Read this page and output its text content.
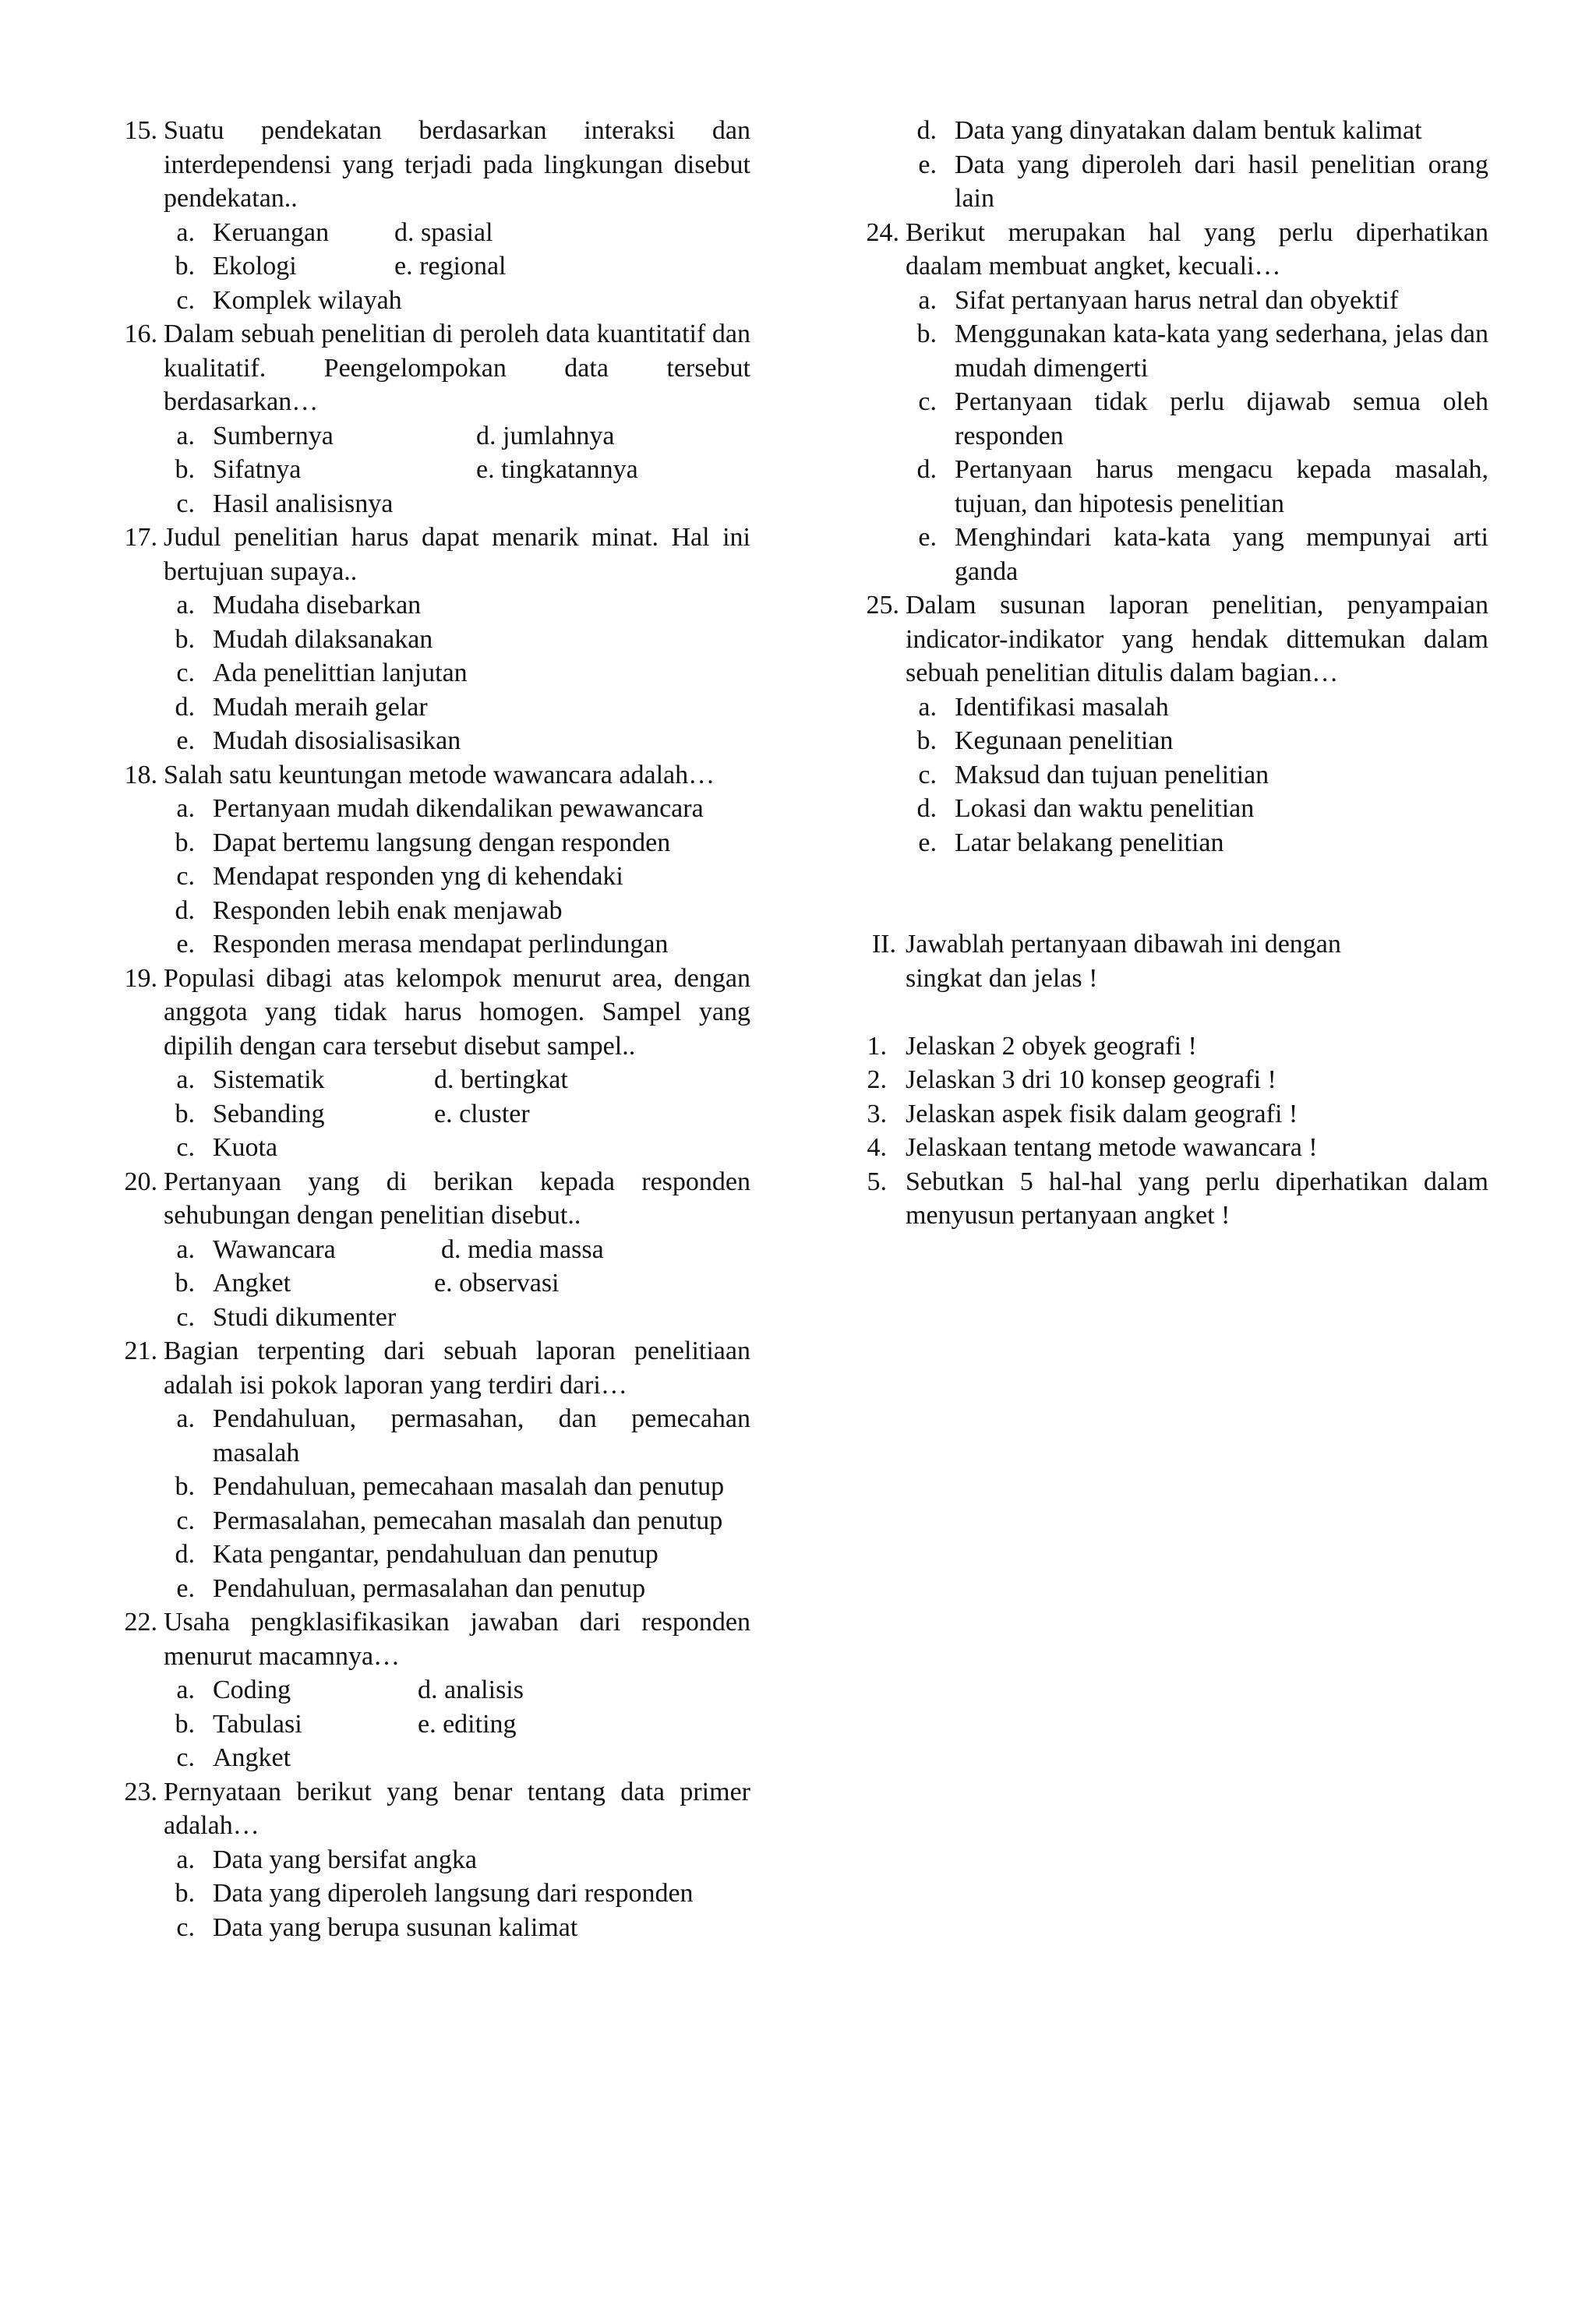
15. Suatu pendekatan berdasarkan interaksi dan interdependensi yang terjadi pada lingkungan disebut pendekatan..
a. Keruangan	d. spasial
b. Ekologi	e. regional
c. Komplek wilayah
16. Dalam sebuah penelitian di peroleh data kuantitatif dan kualitatif. Peengelompokan data tersebut berdasarkan…
a. Sumbernya	d. jumlahnya
b. Sifatnya	e. tingkatannya
c. Hasil analisisnya
17. Judul penelitian harus dapat menarik minat. Hal ini bertujuan supaya..
a. Mudaha disebarkan
b. Mudah dilaksanakan
c. Ada penelittian lanjutan
d. Mudah meraih gelar
e. Mudah disosialisasikan
18. Salah satu keuntungan metode wawancara adalah…
a. Pertanyaan mudah dikendalikan pewawancara
b. Dapat bertemu langsung dengan responden
c. Mendapat responden yng di kehendaki
d. Responden lebih enak menjawab
e. Responden merasa mendapat perlindungan
19. Populasi dibagi atas kelompok menurut area, dengan anggota yang tidak harus homogen. Sampel yang dipilih dengan cara tersebut disebut sampel..
a. Sistematik	d. bertingkat
b. Sebanding	e. cluster
c. Kuota
20. Pertanyaan yang di berikan kepada responden sehubungan dengan penelitian disebut..
a. Wawancara	d. media massa
b. Angket	e. observasi
c. Studi dikumenter
21. Bagian terpenting dari sebuah laporan penelitiaan adalah isi pokok laporan yang terdiri dari…
a. Pendahuluan, permasahan, dan pemecahan masalah
b. Pendahuluan, pemecahaan masalah dan penutup
c. Permasalahan, pemecahan masalah dan penutup
d. Kata pengantar, pendahuluan dan penutup
e. Pendahuluan, permasalahan dan penutup
22. Usaha pengklasifikasikan jawaban dari responden menurut macamnya…
a. Coding	d. analisis
b. Tabulasi	e. editing
c. Angket
23. Pernyataan berikut yang benar tentang data primer adalah…
a. Data yang bersifat angka
b. Data yang diperoleh langsung dari responden
c. Data yang berupa susunan kalimat
d. Data yang dinyatakan dalam bentuk kalimat
e. Data yang diperoleh dari hasil penelitian orang lain
24. Berikut merupakan hal yang perlu diperhatikan daalam membuat angket, kecuali…
a. Sifat pertanyaan harus netral dan obyektif
b. Menggunakan kata-kata yang sederhana, jelas dan mudah dimengerti
c. Pertanyaan tidak perlu dijawab semua oleh responden
d. Pertanyaan harus mengacu kepada masalah, tujuan, dan hipotesis penelitian
e. Menghindari kata-kata yang mempunyai arti ganda
25. Dalam susunan laporan penelitian, penyampaian indicator-indikator yang hendak dittemukan dalam sebuah penelitian ditulis dalam bagian…
a. Identifikasi masalah
b. Kegunaan penelitian
c. Maksud dan tujuan penelitian
d. Lokasi dan waktu penelitian
e. Latar belakang penelitian
II. Jawablah pertanyaan dibawah ini dengan singkat dan jelas !
1. Jelaskan 2 obyek geografi !
2. Jelaskan 3 dri 10 konsep geografi !
3. Jelaskan aspek fisik dalam geografi !
4. Jelaskaan tentang metode wawancara !
5. Sebutkan 5 hal-hal yang perlu diperhatikan dalam menyusun pertanyaan angket !
